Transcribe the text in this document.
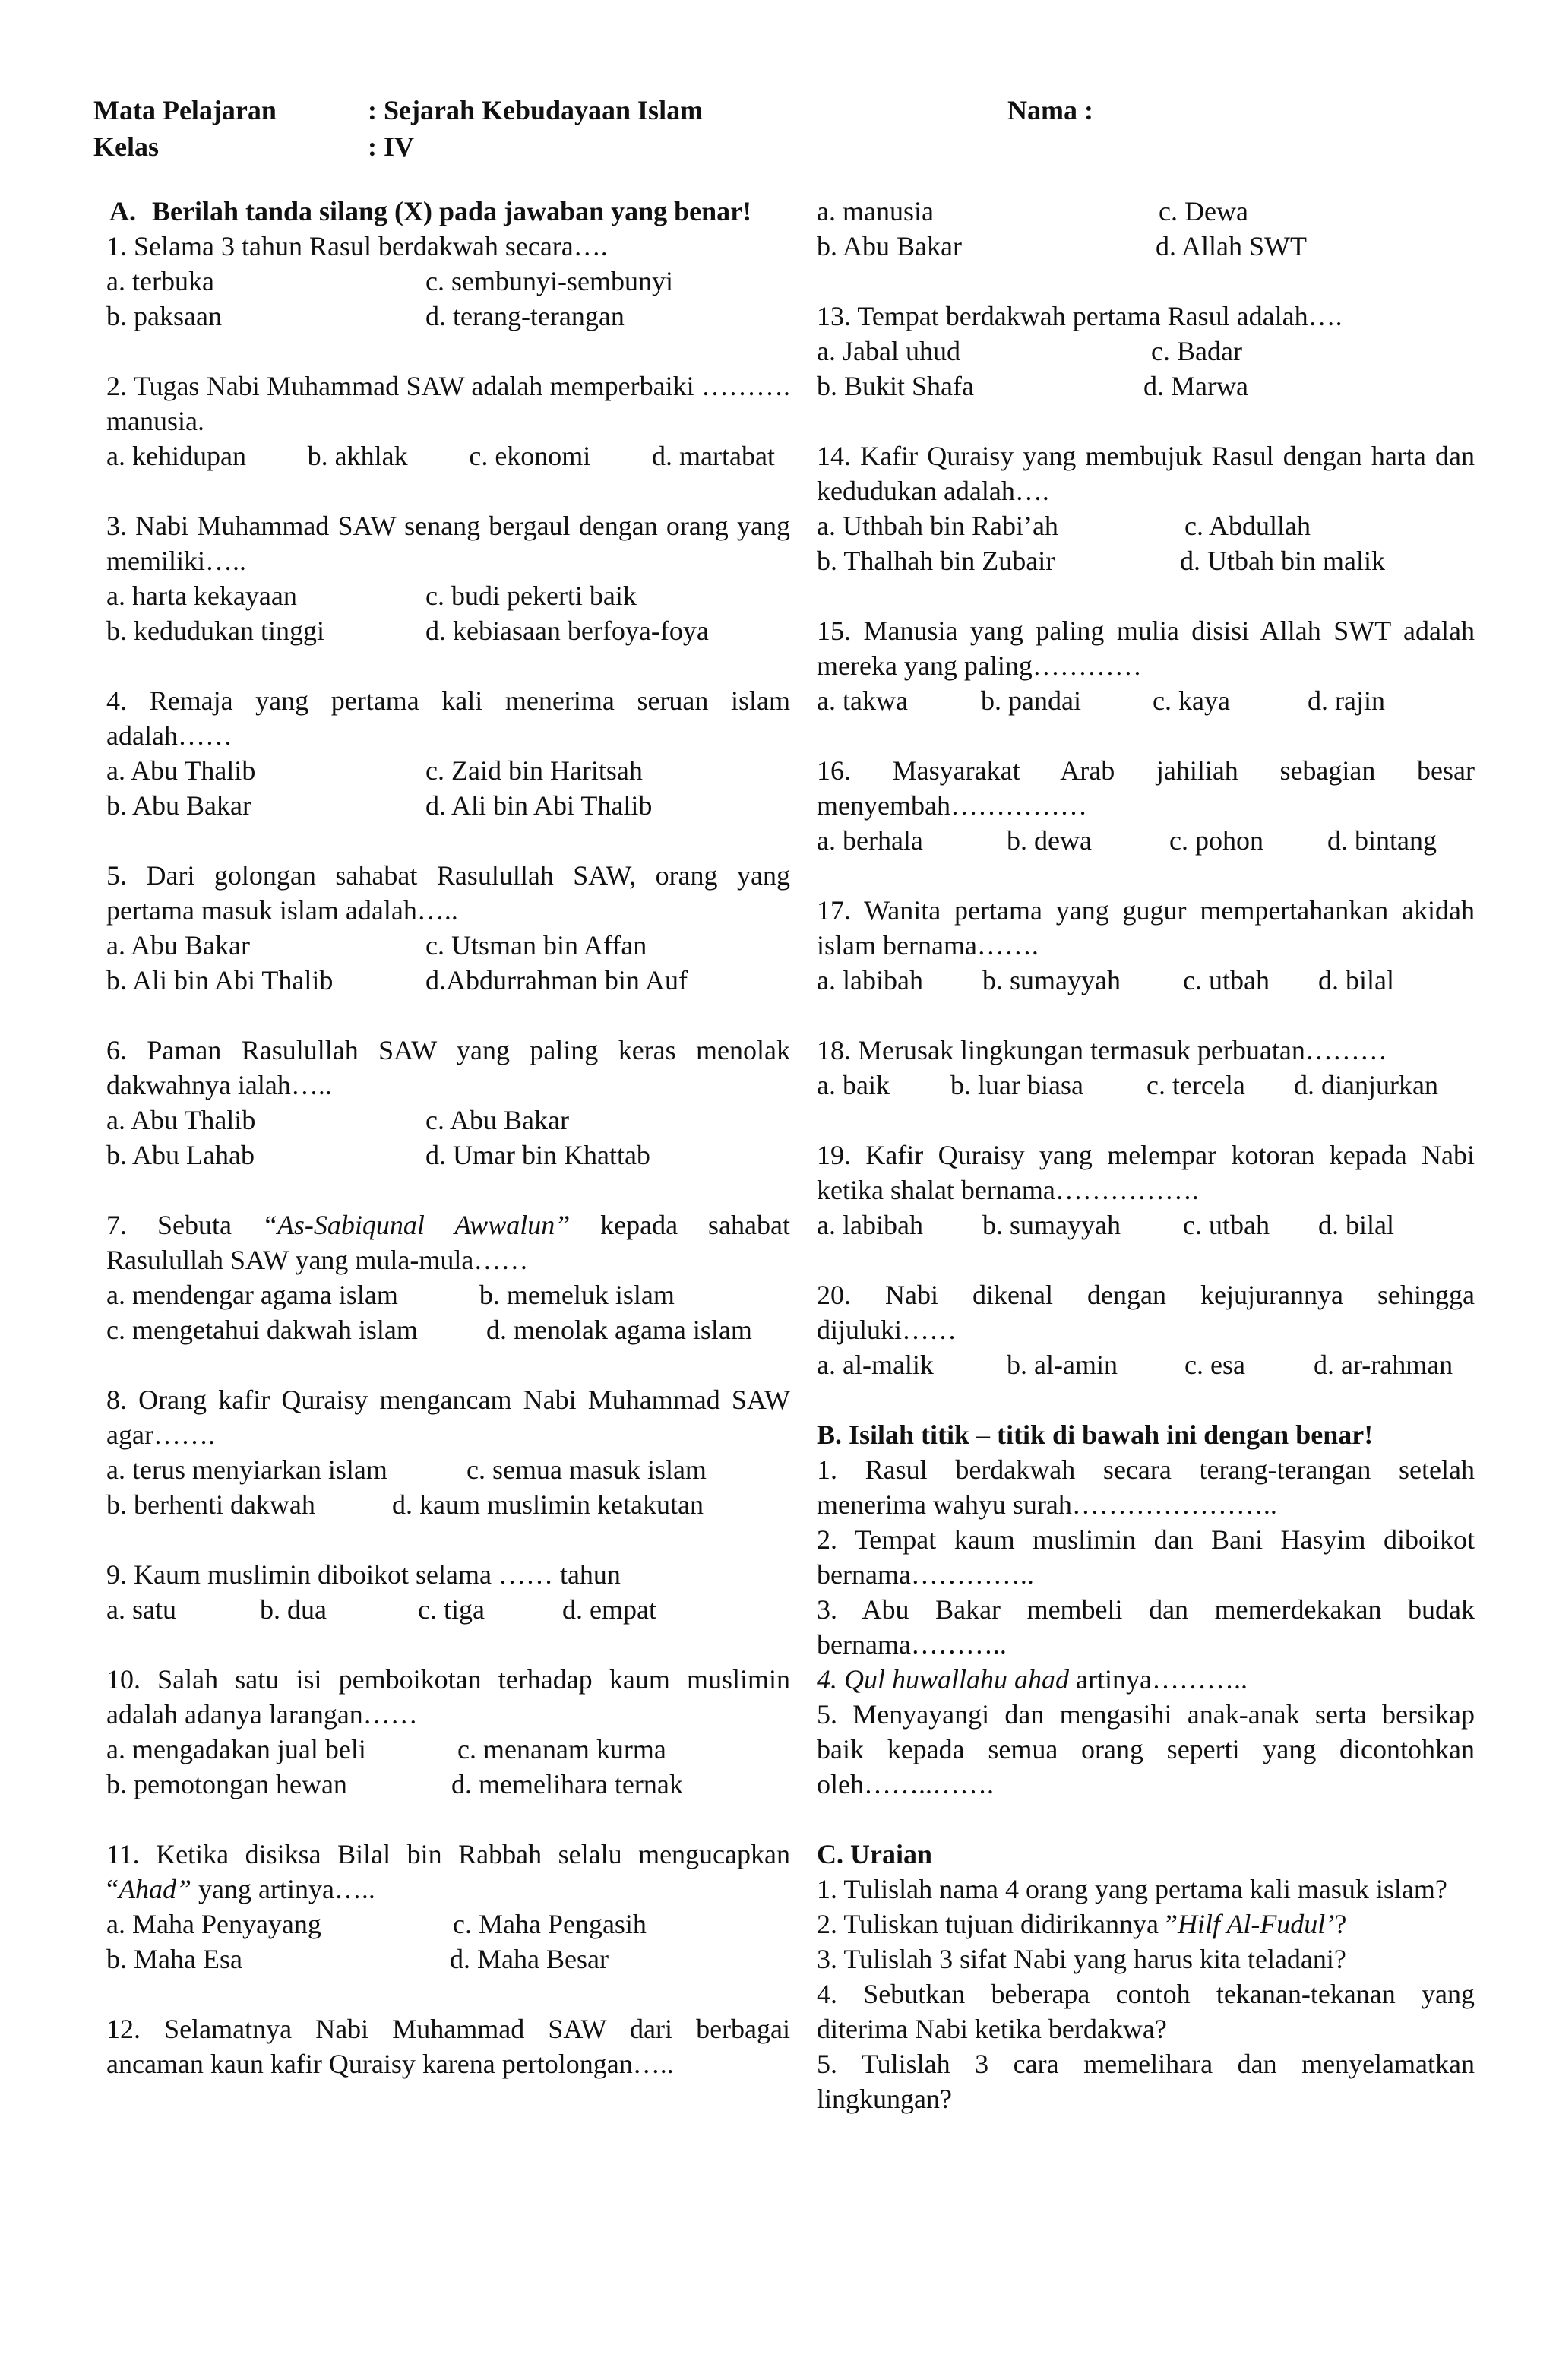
Mata Pelajaran	: Sejarah Kebudayaan Islam
Kelas	: IV
Nama :
A. Berilah tanda silang (X) pada jawaban yang benar!
1. Selama 3 tahun Rasul berdakwah secara….
a. terbuka	c. sembunyi-sembunyi
b. paksaan	d. terang-terangan
2. Tugas Nabi Muhammad SAW adalah memperbaiki ………. manusia.
a. kehidupan b. akhlak c. ekonomi d. martabat
3. Nabi Muhammad SAW senang bergaul dengan orang yang memiliki…..
a. harta kekayaan	c. budi pekerti baik
b. kedudukan tinggi	d. kebiasaan berfoya-foya
4. Remaja yang pertama kali menerima seruan islam adalah……
a. Abu Thalib	c. Zaid bin Haritsah
b. Abu Bakar	d. Ali bin Abi Thalib
5. Dari golongan sahabat Rasulullah SAW, orang yang pertama masuk islam adalah…..
a. Abu Bakar	c. Utsman bin Affan
b. Ali bin Abi Thalib	d.Abdurrahman bin Auf
6. Paman Rasulullah SAW yang paling keras menolak dakwahnya ialah…..
a. Abu Thalib	c. Abu Bakar
b. Abu Lahab	d. Umar bin Khattab
7. Sebuta “As-Sabiqunal Awwalun” kepada sahabat Rasulullah SAW yang mula-mula……
a. mendengar agama islam	b. memeluk islam
c. mengetahui dakwah islam	d. menolak agama islam
8. Orang kafir Quraisy mengancam Nabi Muhammad SAW agar…….
a. terus menyiarkan islam	c. semua masuk islam
b. berhenti dakwah	d. kaum muslimin ketakutan
9. Kaum muslimin diboikot selama …… tahun
a. satu	b. dua	c. tiga	d. empat
10. Salah satu isi pemboikotan terhadap kaum muslimin adalah adanya larangan……
a. mengadakan jual beli	c. menanam kurma
b. pemotongan hewan	d. memelihara ternak
11. Ketika disiksa Bilal bin Rabbah selalu mengucapkan “Ahad” yang artinya…..
a. Maha Penyayang	c. Maha Pengasih
b. Maha Esa	d. Maha Besar
12. Selamatnya Nabi Muhammad SAW dari berbagai ancaman kaun kafir Quraisy karena pertolongan…..
a. manusia	c. Dewa
b. Abu Bakar	d. Allah SWT
13. Tempat berdakwah pertama Rasul adalah….
a. Jabal uhud	c. Badar
b. Bukit Shafa	d. Marwa
14. Kafir Quraisy yang membujuk Rasul dengan harta dan kedudukan adalah….
a. Uthbah bin Rabi’ah	c. Abdullah
b. Thalhah bin Zubair	d. Utbah bin malik
15. Manusia yang paling mulia disisi Allah SWT adalah mereka yang paling…………
a. takwa	b. pandai	c. kaya	d. rajin
16. Masyarakat Arab jahiliah sebagian besar menyembah……………
a. berhala	b. dewa	c. pohon	d. bintang
17. Wanita pertama yang gugur mempertahankan akidah islam bernama…….
a. labibah	b. sumayyah	c. utbah	d. bilal
18. Merusak lingkungan termasuk perbuatan………
a. baik	b. luar biasa	c. tercela	d. dianjurkan
19. Kafir Quraisy yang melempar kotoran kepada Nabi ketika shalat bernama…………….
a. labibah	b. sumayyah	c. utbah	d. bilal
20. Nabi dikenal dengan kejujurannya sehingga dijuluki……
a. al-malik	b. al-amin	c. esa	d. ar-rahman
B. Isilah titik – titik di bawah ini dengan benar!
1. Rasul berdakwah secara terang-terangan setelah menerima wahyu surah…………………..
2. Tempat kaum muslimin dan Bani Hasyim diboikot bernama…………..
3. Abu Bakar membeli dan memerdekakan budak bernama………..
4. Qul huwallahu ahad artinya………..
5. Menyayangi dan mengasihi anak-anak serta bersikap baik kepada semua orang seperti yang dicontohkan oleh……..…….
C. Uraian
1. Tulislah nama 4 orang yang pertama kali masuk islam?
2. Tuliskan tujuan didirikannya ”Hilf Al-Fudul’?
3. Tulislah 3 sifat Nabi yang harus kita teladani?
4. Sebutkan beberapa contoh tekanan-tekanan yang diterima Nabi ketika berdakwa?
5. Tulislah 3 cara memelihara dan menyelamatkan lingkungan?
